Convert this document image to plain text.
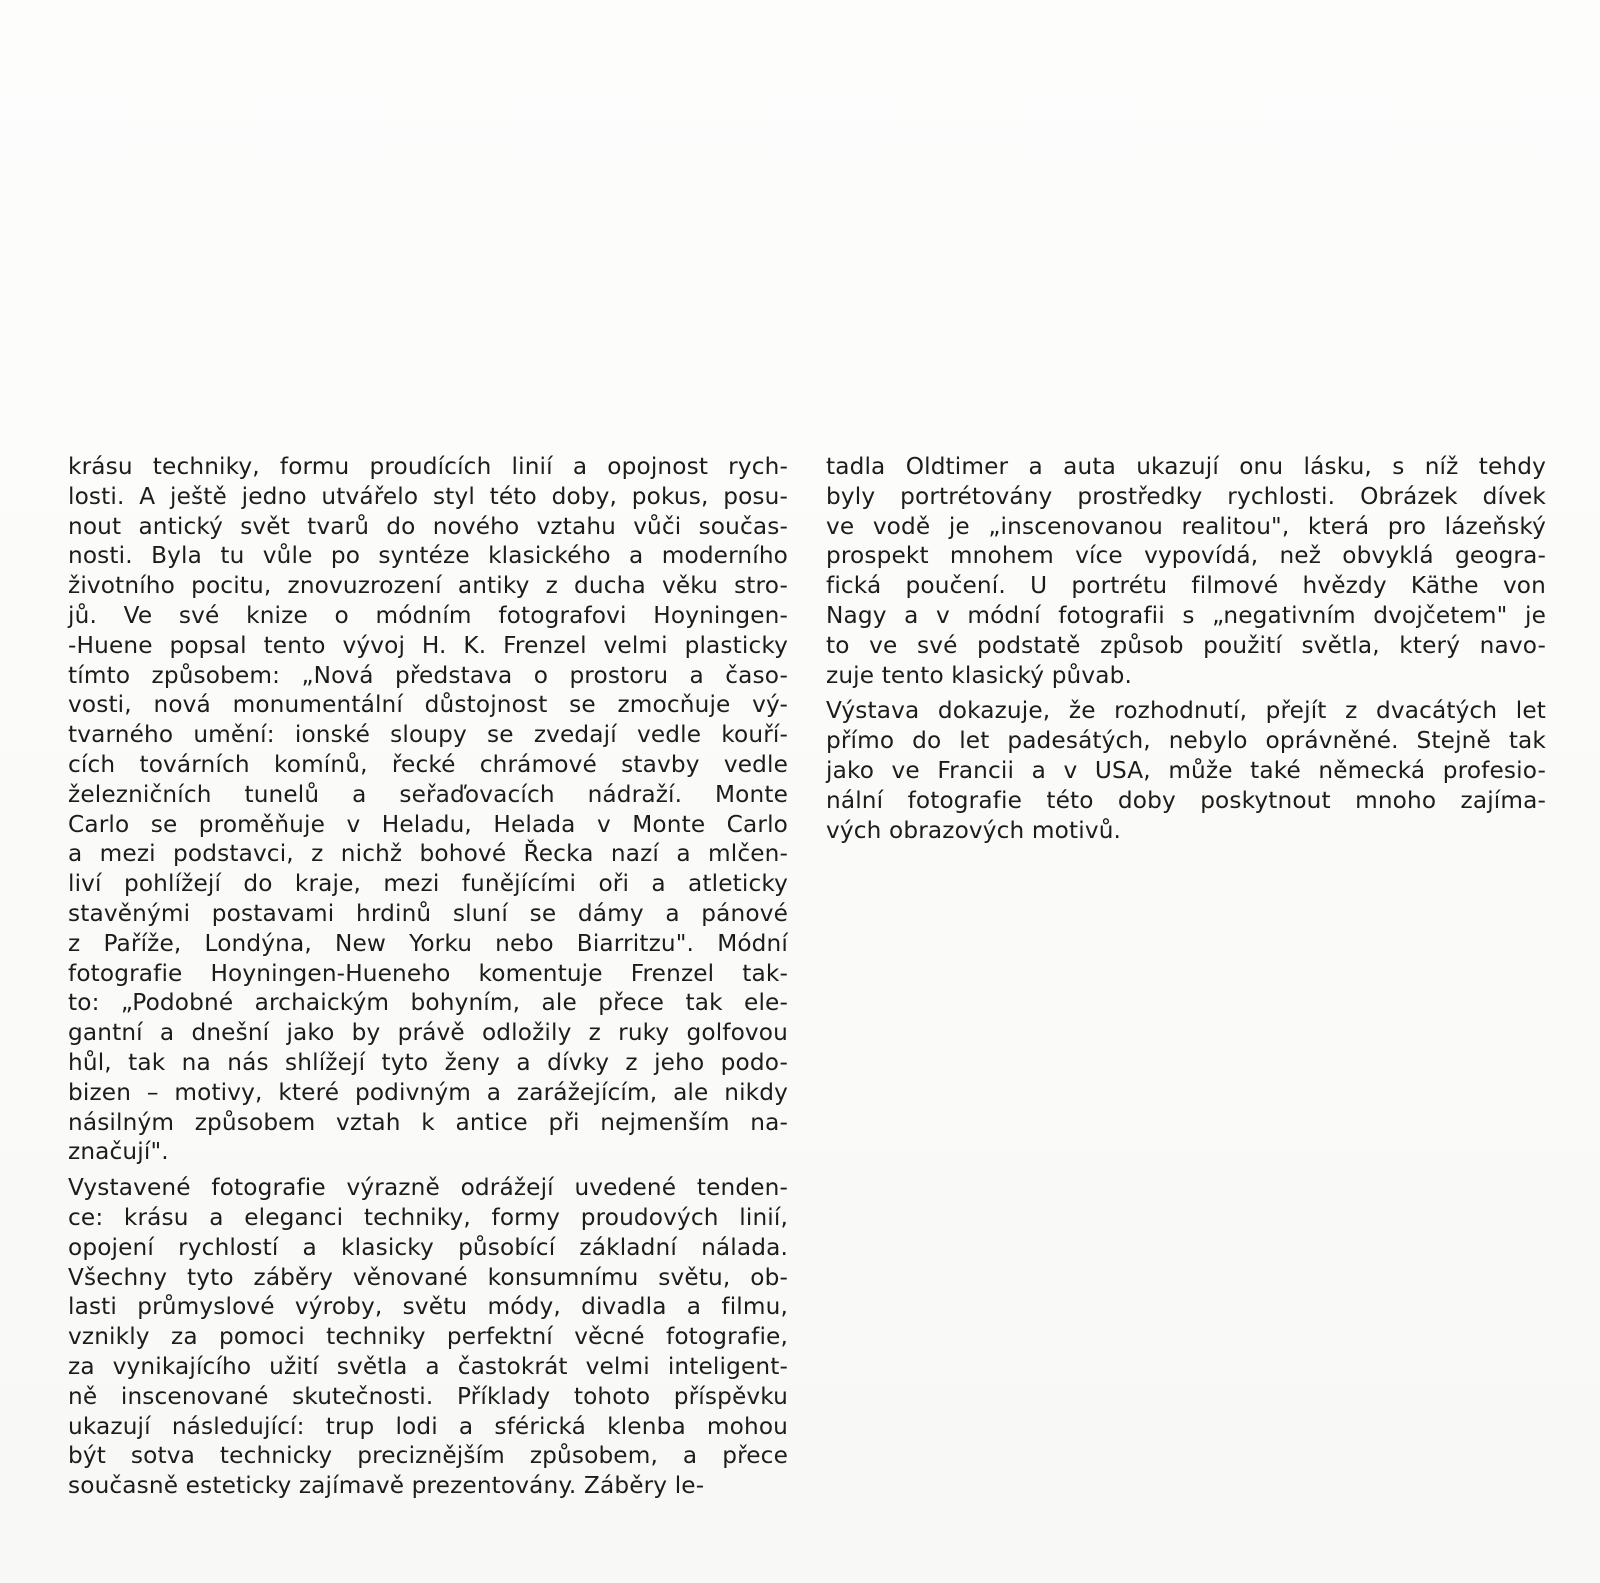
krásu techniky, formu proudících linií a opojnost rych-
losti. A ještě jedno utvářelo styl této doby, pokus, posu-
nout antický svět tvarů do nového vztahu vůči součas-
nosti. Byla tu vůle po syntéze klasického a moderního
životního pocitu, znovuzrození antiky z ducha věku stro-
jů. Ve své knize o módním fotografovi Hoyningen-
-Huene popsal tento vývoj H. K. Frenzel velmi plasticky
tímto způsobem: „Nová představa o prostoru a časo-
vosti, nová monumentální důstojnost se zmocňuje vý-
tvarného umění: ionské sloupy se zvedají vedle kouří-
cích továrních komínů, řecké chrámové stavby vedle
železničních tunelů a seřaďovacích nádraží. Monte
Carlo se proměňuje v Heladu, Helada v Monte Carlo
a mezi podstavci, z nichž bohové Řecka nazí a mlčen-
liví pohlížejí do kraje, mezi funějícími oři a atleticky
stavěnými postavami hrdinů sluní se dámy a pánové
z Paříže, Londýna, New Yorku nebo Biarritzu". Módní
fotografie Hoyningen-Hueneho komentuje Frenzel tak-
to: „Podobné archaickým bohyním, ale přece tak ele-
gantní a dnešní jako by právě odložily z ruky golfovou
hůl, tak na nás shlížejí tyto ženy a dívky z jeho podo-
bizen – motivy, které podivným a zarážejícím, ale nikdy
násilným způsobem vztah k antice při nejmenším na-
značují".
Vystavené fotografie výrazně odrážejí uvedené tenden-
ce: krásu a eleganci techniky, formy proudových linií,
opojení rychlostí a klasicky působící základní nálada.
Všechny tyto záběry věnované konsumnímu světu, ob-
lasti průmyslové výroby, světu módy, divadla a filmu,
vznikly za pomoci techniky perfektní věcné fotografie,
za vynikajícího užití světla a častokrát velmi inteligent-
ně inscenované skutečnosti. Příklady tohoto příspěvku
ukazují následující: trup lodi a sférická klenba mohou
být sotva technicky preciznějším způsobem, a přece
současně esteticky zajímavě prezentovány. Záběry le-
tadla Oldtimer a auta ukazují onu lásku, s níž tehdy
byly portrétovány prostředky rychlosti. Obrázek dívek
ve vodě je „inscenovanou realitou", která pro lázeňský
prospekt mnohem více vypovídá, než obvyklá geogra-
fická poučení. U portrétu filmové hvězdy Käthe von
Nagy a v módní fotografii s „negativním dvojčetem" je
to ve své podstatě způsob použití světla, který navo-
zuje tento klasický půvab.
Výstava dokazuje, že rozhodnutí, přejít z dvacátých let
přímo do let padesátých, nebylo oprávněné. Stejně tak
jako ve Francii a v USA, může také německá profesio-
nální fotografie této doby poskytnout mnoho zajíma-
vých obrazových motivů.
